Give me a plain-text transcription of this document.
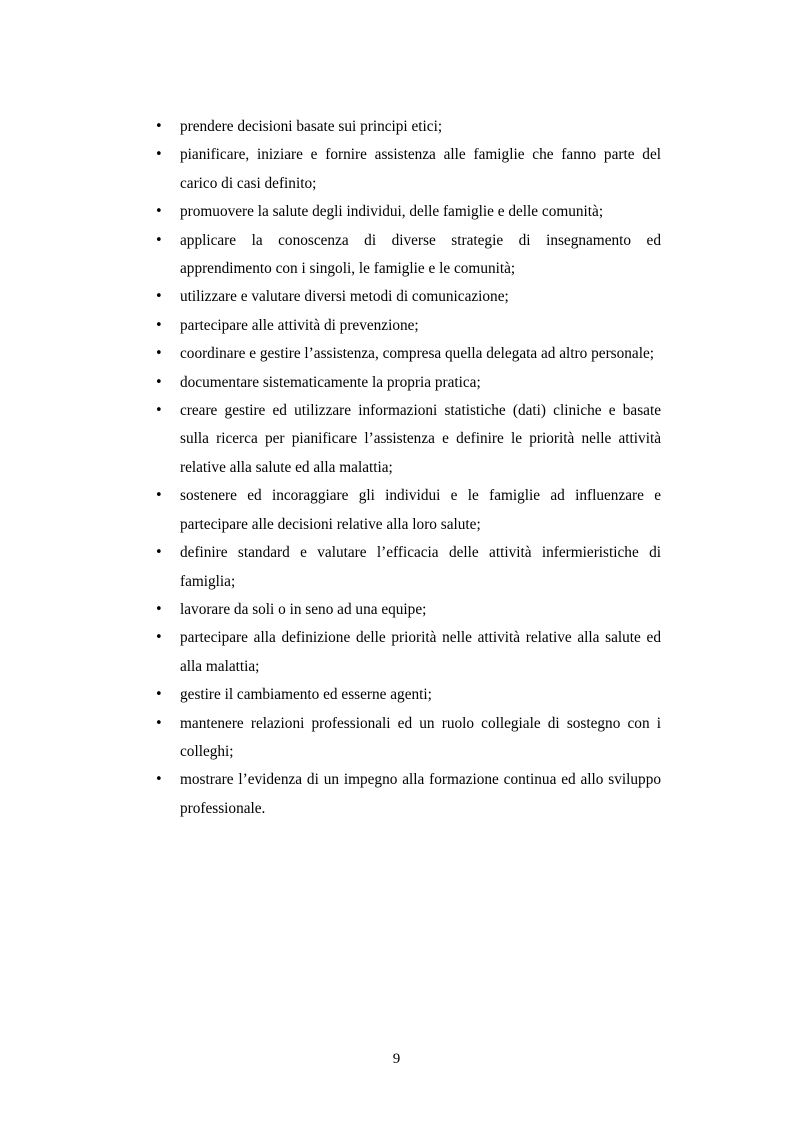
• prendere decisioni basate sui principi etici;
• pianificare, iniziare e fornire assistenza alle famiglie che fanno parte del carico di casi definito;
• promuovere la salute degli individui, delle famiglie e delle comunità;
• applicare la conoscenza di diverse strategie di insegnamento ed apprendimento con i singoli, le famiglie e le comunità;
• utilizzare e valutare diversi metodi di comunicazione;
• partecipare alle attività di prevenzione;
• coordinare e gestire l’assistenza, compresa quella delegata ad altro personale;
• documentare sistematicamente la propria pratica;
• creare gestire ed utilizzare informazioni statistiche (dati) cliniche e basate sulla ricerca per pianificare l’assistenza e definire le priorità nelle attività relative alla salute ed alla malattia;
• sostenere ed incoraggiare gli individui e le famiglie ad influenzare e partecipare alle decisioni relative alla loro salute;
• definire standard e valutare l’efficacia delle attività infermieristiche di famiglia;
• lavorare da soli o in seno ad una equipe;
• partecipare alla definizione delle priorità nelle attività relative alla salute ed alla malattia;
• gestire il cambiamento ed esserne agenti;
• mantenere relazioni professionali ed un ruolo collegiale di sostegno con i colleghi;
• mostrare l’evidenza di un impegno alla formazione continua ed allo sviluppo professionale.
9
